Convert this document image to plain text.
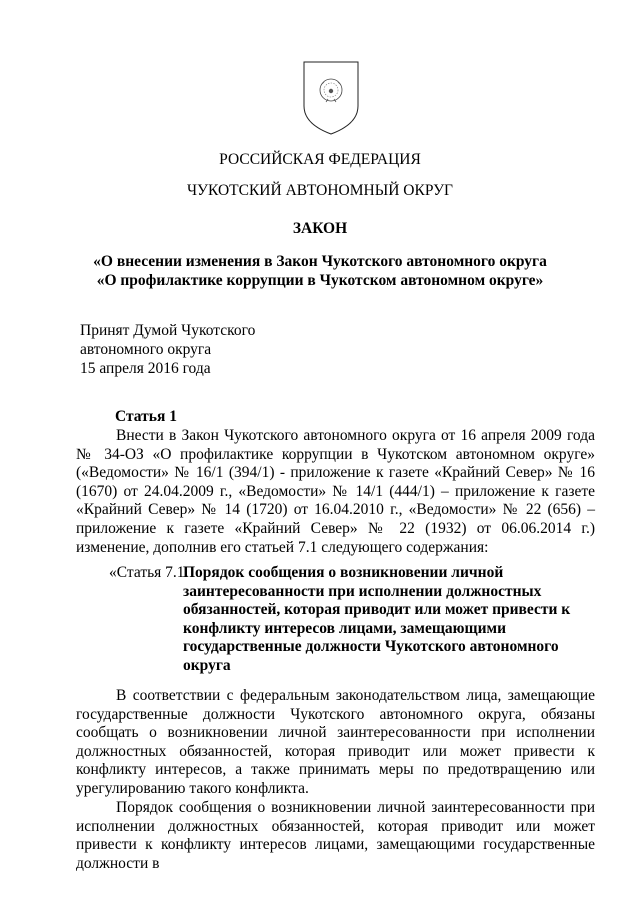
РОССИЙСКАЯ ФЕДЕРАЦИЯ
ЧУКОТСКИЙ АВТОНОМНЫЙ ОКРУГ
ЗАКОН
«О внесении изменения в Закон Чукотского автономного округа
«О профилактике коррупции в Чукотском автономном округе»
Принят Думой Чукотского
автономного округа
15 апреля 2016 года
Статья 1
Внести в Закон Чукотского автономного округа от 16 апреля 2009 года № 34-ОЗ «О профилактике коррупции в Чукотском автономном округе» («Ведомости» № 16/1 (394/1) - приложение к газете «Крайний Север» № 16 (1670) от 24.04.2009 г., «Ведомости» № 14/1 (444/1) – приложение к газете «Крайний Север» № 14 (1720) от 16.04.2010 г., «Ведомости» № 22 (656) – приложение к газете «Крайний Север» № 22 (1932) от 06.06.2014 г.) изменение, дополнив его статьей 7.1 следующего содержания:
«Статья 7.1.
Порядок сообщения о возникновении личной заинтересованности при исполнении должностных обязанностей, которая приводит или может привести к конфликту интересов лицами, замещающими государственные должности Чукотского автономного округа
В соответствии с федеральным законодательством лица, замещающие государственные должности Чукотского автономного округа, обязаны сообщать о возникновении личной заинтересованности при исполнении должностных обязанностей, которая приводит или может привести к конфликту интересов, а также принимать меры по предотвращению или урегулированию такого конфликта.
Порядок сообщения о возникновении личной заинтересованности при исполнении должностных обязанностей, которая приводит или может привести к конфликту интересов лицами, замещающими государственные должности в
